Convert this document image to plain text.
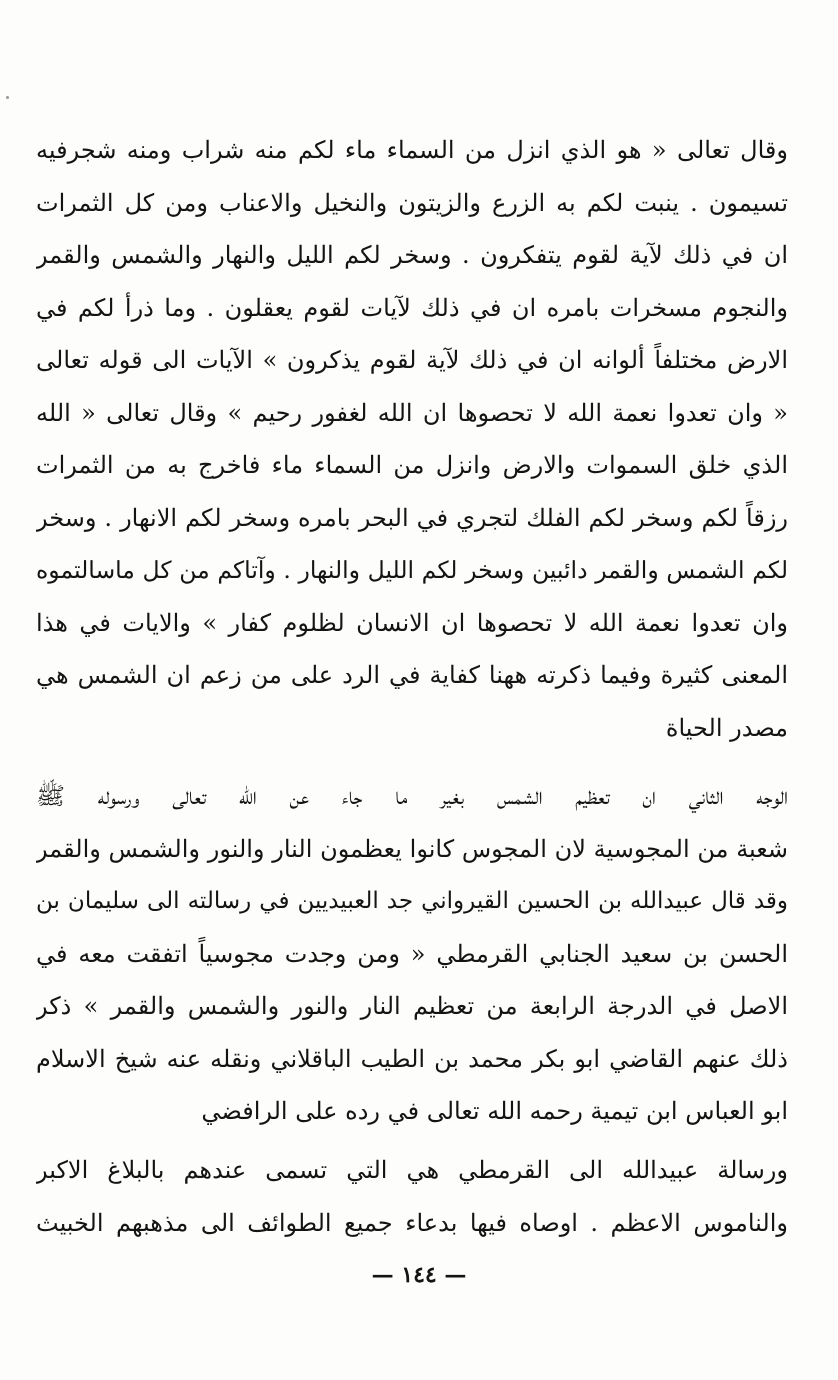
وقال تعالى « هو الذي انزل من السماء ماء لكم منه شراب ومنه شجرفيه
تسيمون . ينبت لكم به الزرع والزيتون والنخيل والاعناب ومن كل الثمرات
ان في ذلك لآية لقوم يتفكرون . وسخر لكم الليل والنهار والشمس والقمر
والنجوم مسخرات بامره ان في ذلك لآيات لقوم يعقلون . وما ذرأ لكم في
الارض مختلفاً ألوانه ان في ذلك لآية لقوم يذكرون » الآيات الى قوله تعالى
« وان تعدوا نعمة الله لا تحصوها ان الله لغفور رحيم » وقال تعالى « الله
الذي خلق السموات والارض وانزل من السماء ماء فاخرج به من الثمرات
رزقاً لكم وسخر لكم الفلك لتجري في البحر بامره وسخر لكم الانهار . وسخر
لكم الشمس والقمر دائبين وسخر لكم الليل والنهار . وآتاكم من كل ماسالتموه
وان تعدوا نعمة الله لا تحصوها ان الانسان لظلوم كفار » والايات في هذا
المعنى كثيرة وفيما ذكرته ههنا كفاية في الرد على من زعم ان الشمس هي
مصدر الحياة
الوجه الثاني ان تعظيم الشمس بغير ما جاء عن الله تعالى ورسوله ﷺ
شعبة من المجوسية لان المجوس كانوا يعظمون النار والنور والشمس والقمر
وقد قال عبيدالله بن الحسين القيرواني جد العبيديين في رسالته الى سليمان بن
الحسن بن سعيد الجنابي القرمطي « ومن وجدت مجوسياً اتفقت معه في
الاصل في الدرجة الرابعة من تعظيم النار والنور والشمس والقمر » ذكر
ذلك عنهم القاضي ابو بكر محمد بن الطيب الباقلاني ونقله عنه شيخ الاسلام
ابو العباس ابن تيمية رحمه الله تعالى في رده على الرافضي
ورسالة عبيدالله الى القرمطي هي التي تسمى عندهم بالبلاغ الاكبر
والناموس الاعظم . اوصاه فيها بدعاء جميع الطوائف الى مذهبهم الخبيث
— ١٤٤ —
